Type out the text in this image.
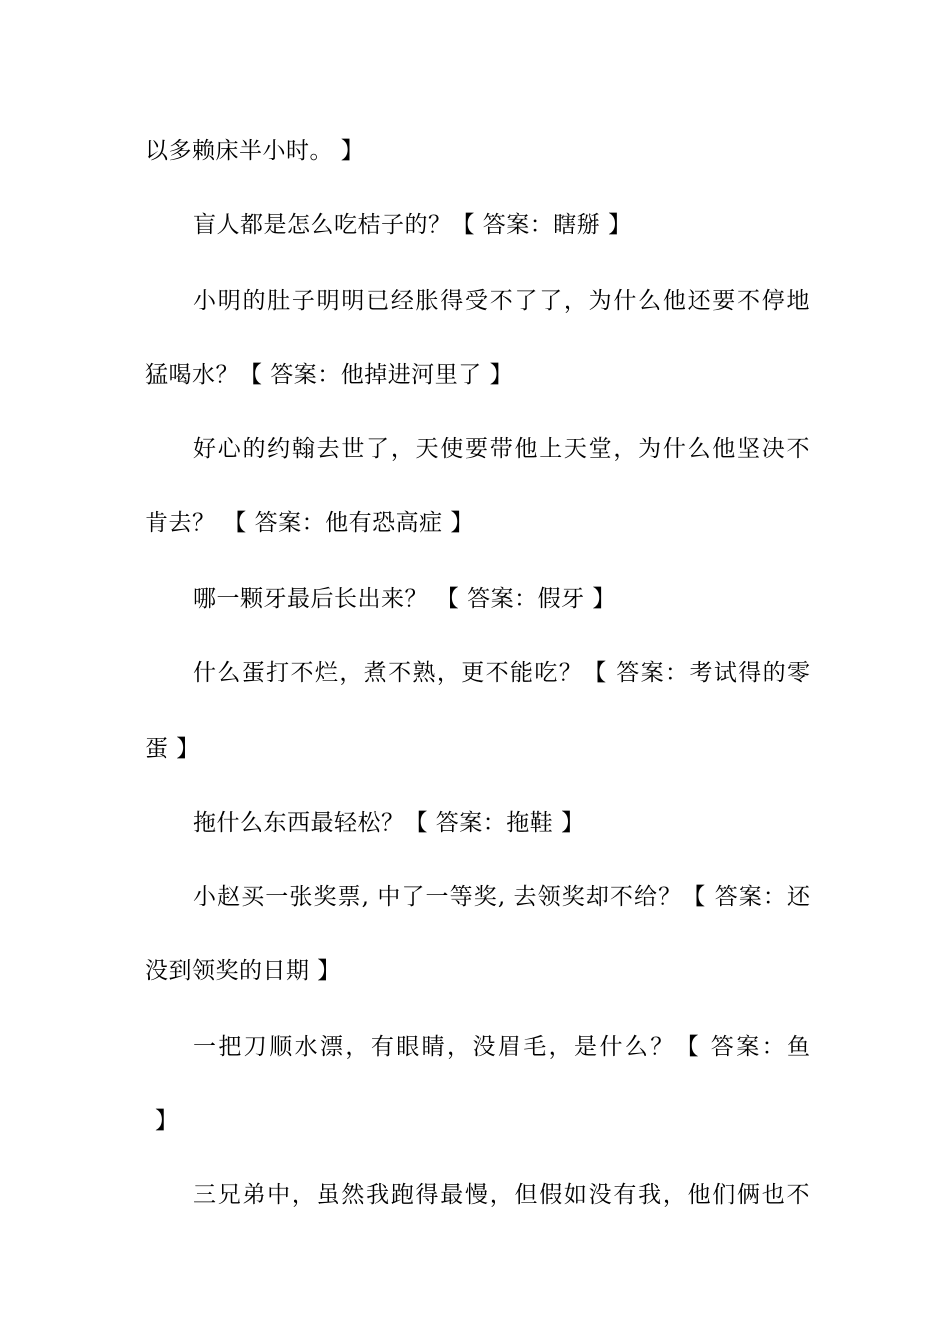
以多赖床半小时。 】
盲人都是怎么吃桔子的？【 答案：瞎掰 】
小明的肚子明明已经胀得受不了了，为什么他还要不停地
猛喝水？【 答案：他掉进河里了 】
好心的约翰去世了，天使要带他上天堂，为什么他坚决不
肯去？ 【 答案：他有恐高症 】
哪一颗牙最后长出来？ 【 答案：假牙 】
什么蛋打不烂，煮不熟，更不能吃？【 答案：考试得的零
蛋 】
拖什么东西最轻松？【 答案：拖鞋 】
小赵买一张奖票, 中了一等奖, 去领奖却不给？【 答案：还
没到领奖的日期 】
一把刀顺水漂，有眼睛，没眉毛，是什么？【 答案：鱼
】
三兄弟中，虽然我跑得最慢，但假如没有我，他们俩也不
